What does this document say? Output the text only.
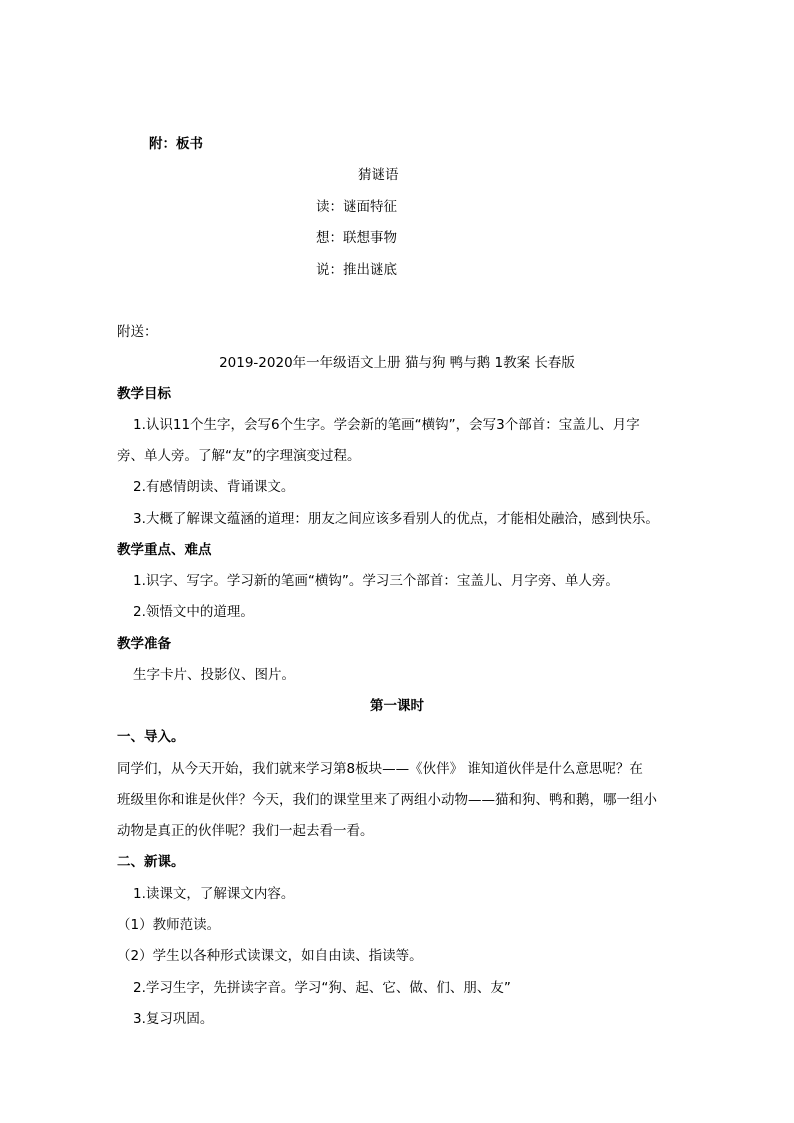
附：板书
猜谜语
读：谜面特征
想：联想事物
说：推出谜底
附送：
2019-2020年一年级语文上册 猫与狗 鸭与鹅 1教案 长春版
教学目标
1.认识11个生字，会写6个生字。学会新的笔画“横钩”，会写3个部首：宝盖儿、月字
旁、单人旁。了解“友”的字理演变过程。
2.有感情朗读、背诵课文。
3.大概了解课文蕴涵的道理：朋友之间应该多看别人的优点，才能相处融洽，感到快乐。
教学重点、难点
1.识字、写字。学习新的笔画“横钩”。学习三个部首：宝盖儿、月字旁、单人旁。
2.领悟文中的道理。
教学准备
生字卡片、投影仪、图片。
第一课时
一、导入。
同学们，从今天开始，我们就来学习第8板块——《伙伴》 谁知道伙伴是什么意思呢？在
班级里你和谁是伙伴？今天，我们的课堂里来了两组小动物——猫和狗、鸭和鹅，哪一组小
动物是真正的伙伴呢？我们一起去看一看。
二、新课。
1.读课文，了解课文内容。
（1）教师范读。
（2）学生以各种形式读课文，如自由读、指读等。
2.学习生字，先拼读字音。学习“狗、起、它、做、们、朋、友”
3.复习巩固。
